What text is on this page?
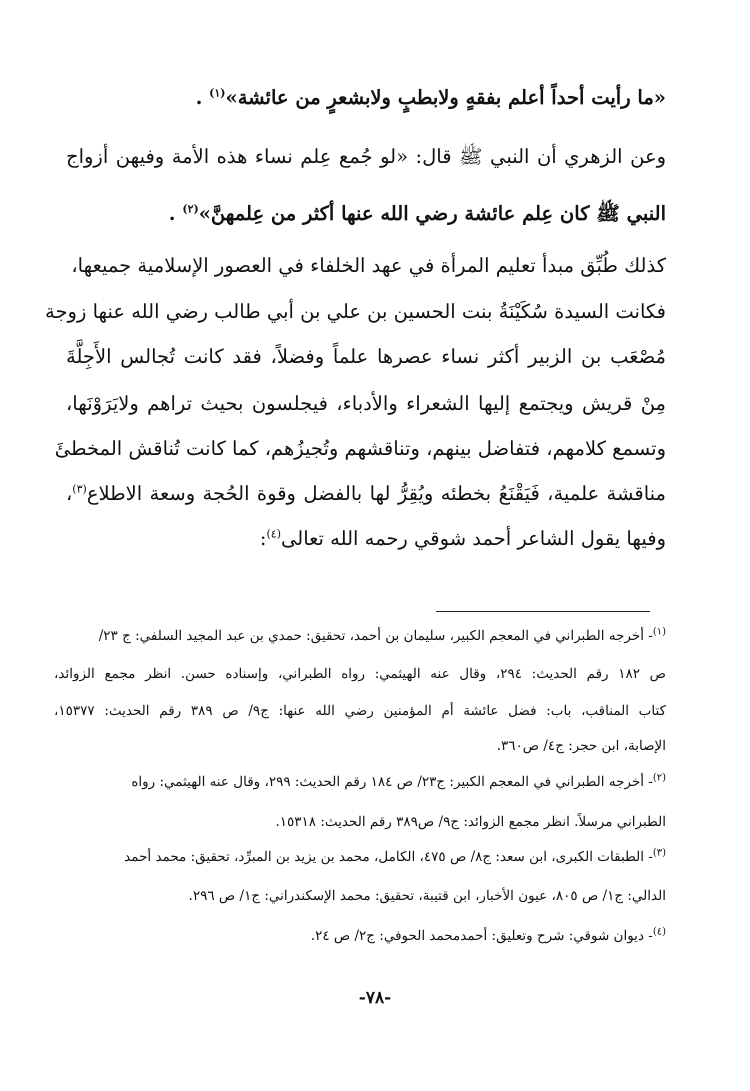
«ما رأيت أحداً أعلم بفقهٍ ولابطبٍ ولابشعرٍ من عائشة»$^{(١)}$ .
وعن الزهري أن النبي ﷺ قال: «لو جُمع عِلم نساء هذه الأمة وفيهن أزواج
النبي ﷺ كان عِلم عائشة رضي الله عنها أكثر من عِلمهنَّ»$^{(٢)}$ .
كذلك طُبِّق مبدأ تعليم المرأة في عهد الخلفاء في العصور الإسلامية جميعها،
فكانت السيدة سُكَيْنَةُ بنت الحسين بن علي بن أبي طالب رضي الله عنها زوجة
مُصْعَب بن الزبير أكثر نساء عصرها علماً وفضلاً، فقد كانت تُجالس الأَجِلَّةَ
مِنْ قريش ويجتمع إليها الشعراء والأدباء، فيجلسون بحيث تراهم ولايَرَوْنَها،
وتسمع كلامهم، فتفاضل بينهم، وتناقشهم وتُجيزُهم، كما كانت تُناقش المخطئَ
مناقشة علمية، فَيَقْنَعُ بخطئه ويُقِرُّ لها بالفضل وقوة الحُجة وسعة الاطلاع$^{(٣)}$،
وفيها يقول الشاعر أحمد شوقي رحمه الله تعالى$^{(٤)}$:
$^{(١)}$- أخرجه الطبراني في المعجم الكبير، سليمان بن أحمد، تحقيق: حمدي بن عبد المجيد السلفي: ج ٢٣/
ص ١٨٢ رقم الحديث: ٢٩٤، وقال عنه الهيثمي: رواه الطبراني، وإسناده حسن. انظر مجمع الزوائد،
كتاب المناقب، باب: فضل عائشة أم المؤمنين رضي الله عنها: ج٩/ ص ٣٨٩ رقم الحديث: ١٥٣٧٧،
الإصابة، ابن حجر: ج٤/ ص٣٦٠.
$^{(٢)}$- أخرجه الطبراني في المعجم الكبير: ج٢٣/ ص ١٨٤ رقم الحديث: ٢٩٩، وقال عنه الهيثمي: رواه
الطبراني مرسلاً. انظر مجمع الزوائد: ج٩/ ص٣٨٩ رقم الحديث: ١٥٣١٨.
$^{(٣)}$- الطبقات الكبرى، ابن سعد: ج٨/ ص ٤٧٥، الكامل، محمد بن يزيد بن المبرِّد، تحقيق: محمد أحمد
الدالي: ج١/ ص ٨٠٥، عيون الأخبار، ابن قتيبة، تحقيق: محمد الإسكندراني: ج١/ ص ٢٩٦.
$^{(٤)}$- ديوان شوقي: شرح وتعليق: أحمدمحمد الحوفي: ج٢/ ص ٢٤.
-٧٨-
